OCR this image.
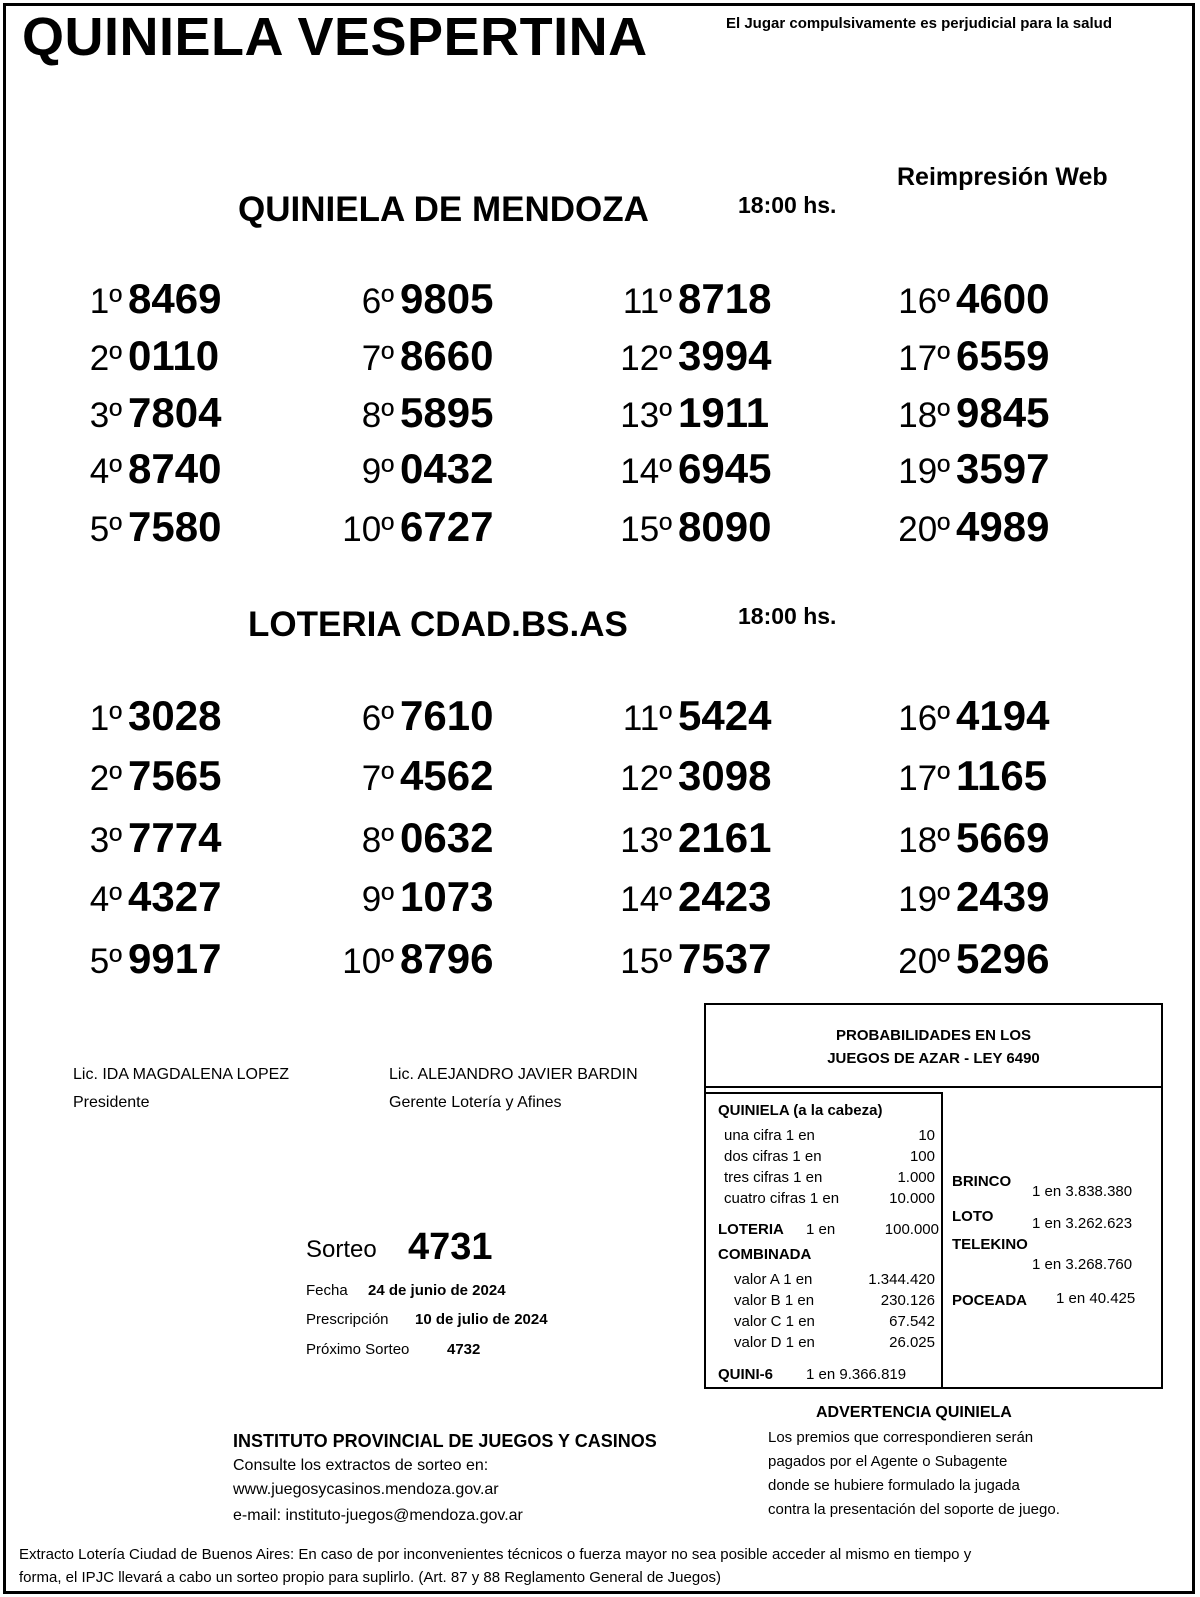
QUINIELA VESPERTINA	El Jugar compulsivamente es perjudicial para la salud
Reimpresión Web
QUINIELA DE MENDOZA	18:00 hs.
1º 8469
2º 0110
3º 7804
4º 8740
5º 7580
6º 9805
7º 8660
8º 5895
9º 0432
10º 6727
11º 8718
12º 3994
13º 1911
14º 6945
15º 8090
16º 4600
17º 6559
18º 9845
19º 3597
20º 4989
LOTERIA CDAD.BS.AS	18:00 hs.
1º 3028
2º 7565
3º 7774
4º 4327
5º 9917
6º 7610
7º 4562
8º 0632
9º 1073
10º 8796
11º 5424
12º 3098
13º 2161
14º 2423
15º 7537
16º 4194
17º 1165
18º 5669
19º 2439
20º 5296
Lic. IDA MAGDALENA LOPEZ
Presidente
Lic. ALEJANDRO JAVIER BARDIN
Gerente Lotería y Afines
Sorteo 4731
Fecha 24 de junio de 2024
Prescripción 10 de julio de 2024
Próximo Sorteo	4732
PROBABILIDADES EN LOS
JUEGOS DE AZAR - LEY 6490
QUINIELA (a la cabeza)
LOTERIA 1 en	100.000
COMBINADA
QUINI-6 1 en 9.366.819
BRINCO
1 en 3.838.380
LOTO	1 en 3.262.623
TELEKINO
1 en 3.268.760
POCEADA 1 en 40.425
una cifra 1 en	10
dos cifras 1 en	100
tres cifras 1 en	1.000
cuatro cifras 1 en	10.000
valor A 1 en	1.344.420
valor B 1 en	230.126
valor C 1 en	67.542
valor D 1 en	26.025
ADVERTENCIA QUINIELA
Los premios que correspondieren serán
pagados por el Agente o Subagente
donde se hubiere formulado la jugada
contra la presentación del soporte de juego.
INSTITUTO PROVINCIAL DE JUEGOS Y CASINOS
Consulte los extractos de sorteo en:
www.juegosycasinos.mendoza.gov.ar
e-mail: instituto-juegos@mendoza.gov.ar
Extracto Lotería Ciudad de Buenos Aires: En caso de por inconvenientes técnicos o fuerza mayor no sea posible acceder al mismo en tiempo y
forma, el IPJC llevará a cabo un sorteo propio para suplirlo. (Art. 87 y 88 Reglamento General de Juegos)
